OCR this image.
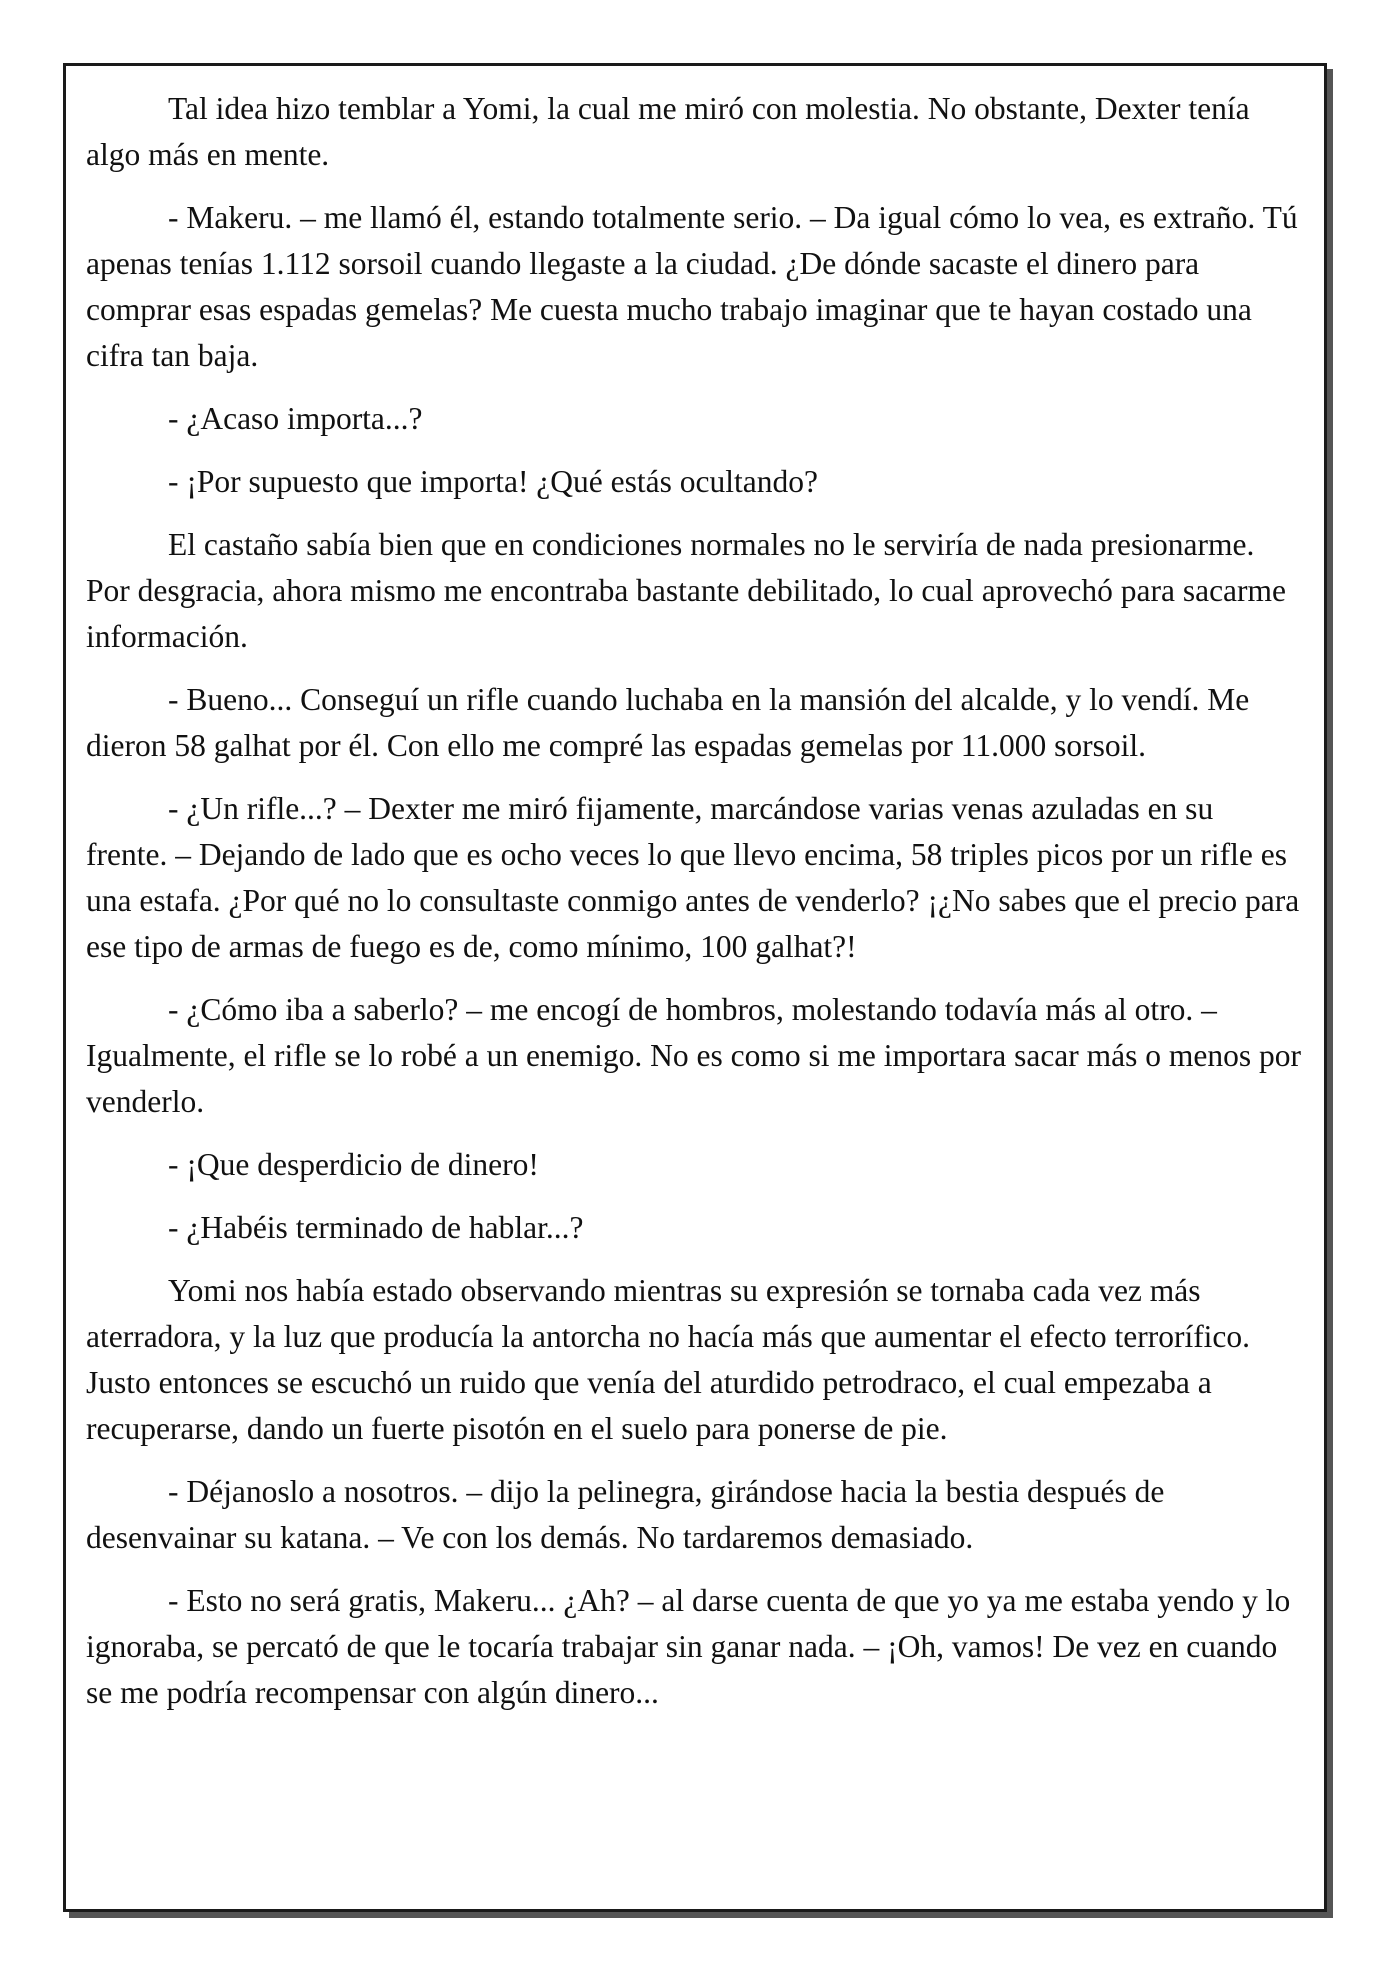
Tal idea hizo temblar a Yomi, la cual me miró con molestia. No obstante, Dexter tenía algo más en mente.

- Makeru. – me llamó él, estando totalmente serio. – Da igual cómo lo vea, es extraño. Tú apenas tenías 1.112 sorsoil cuando llegaste a la ciudad. ¿De dónde sacaste el dinero para comprar esas espadas gemelas? Me cuesta mucho trabajo imaginar que te hayan costado una cifra tan baja.

- ¿Acaso importa...?

- ¡Por supuesto que importa! ¿Qué estás ocultando?

El castaño sabía bien que en condiciones normales no le serviría de nada presionarme. Por desgracia, ahora mismo me encontraba bastante debilitado, lo cual aprovechó para sacarme información.

- Bueno... Conseguí un rifle cuando luchaba en la mansión del alcalde, y lo vendí. Me dieron 58 galhat por él. Con ello me compré las espadas gemelas por 11.000 sorsoil.

- ¿Un rifle...? – Dexter me miró fijamente, marcándose varias venas azuladas en su frente. – Dejando de lado que es ocho veces lo que llevo encima, 58 triples picos por un rifle es una estafa. ¿Por qué no lo consultaste conmigo antes de venderlo? ¡¿No sabes que el precio para ese tipo de armas de fuego es de, como mínimo, 100 galhat?!

- ¿Cómo iba a saberlo? – me encogí de hombros, molestando todavía más al otro. – Igualmente, el rifle se lo robé a un enemigo. No es como si me importara sacar más o menos por venderlo.

- ¡Que desperdicio de dinero!

- ¿Habéis terminado de hablar...?

Yomi nos había estado observando mientras su expresión se tornaba cada vez más aterradora, y la luz que producía la antorcha no hacía más que aumentar el efecto terrorífico. Justo entonces se escuchó un ruido que venía del aturdido petrodraco, el cual empezaba a recuperarse, dando un fuerte pisotón en el suelo para ponerse de pie.

- Déjanoslo a nosotros. – dijo la pelinegra, girándose hacia la bestia después de desenvainar su katana. – Ve con los demás. No tardaremos demasiado.

- Esto no será gratis, Makeru... ¿Ah? – al darse cuenta de que yo ya me estaba yendo y lo ignoraba, se percató de que le tocaría trabajar sin ganar nada. – ¡Oh, vamos! De vez en cuando se me podría recompensar con algún dinero...
